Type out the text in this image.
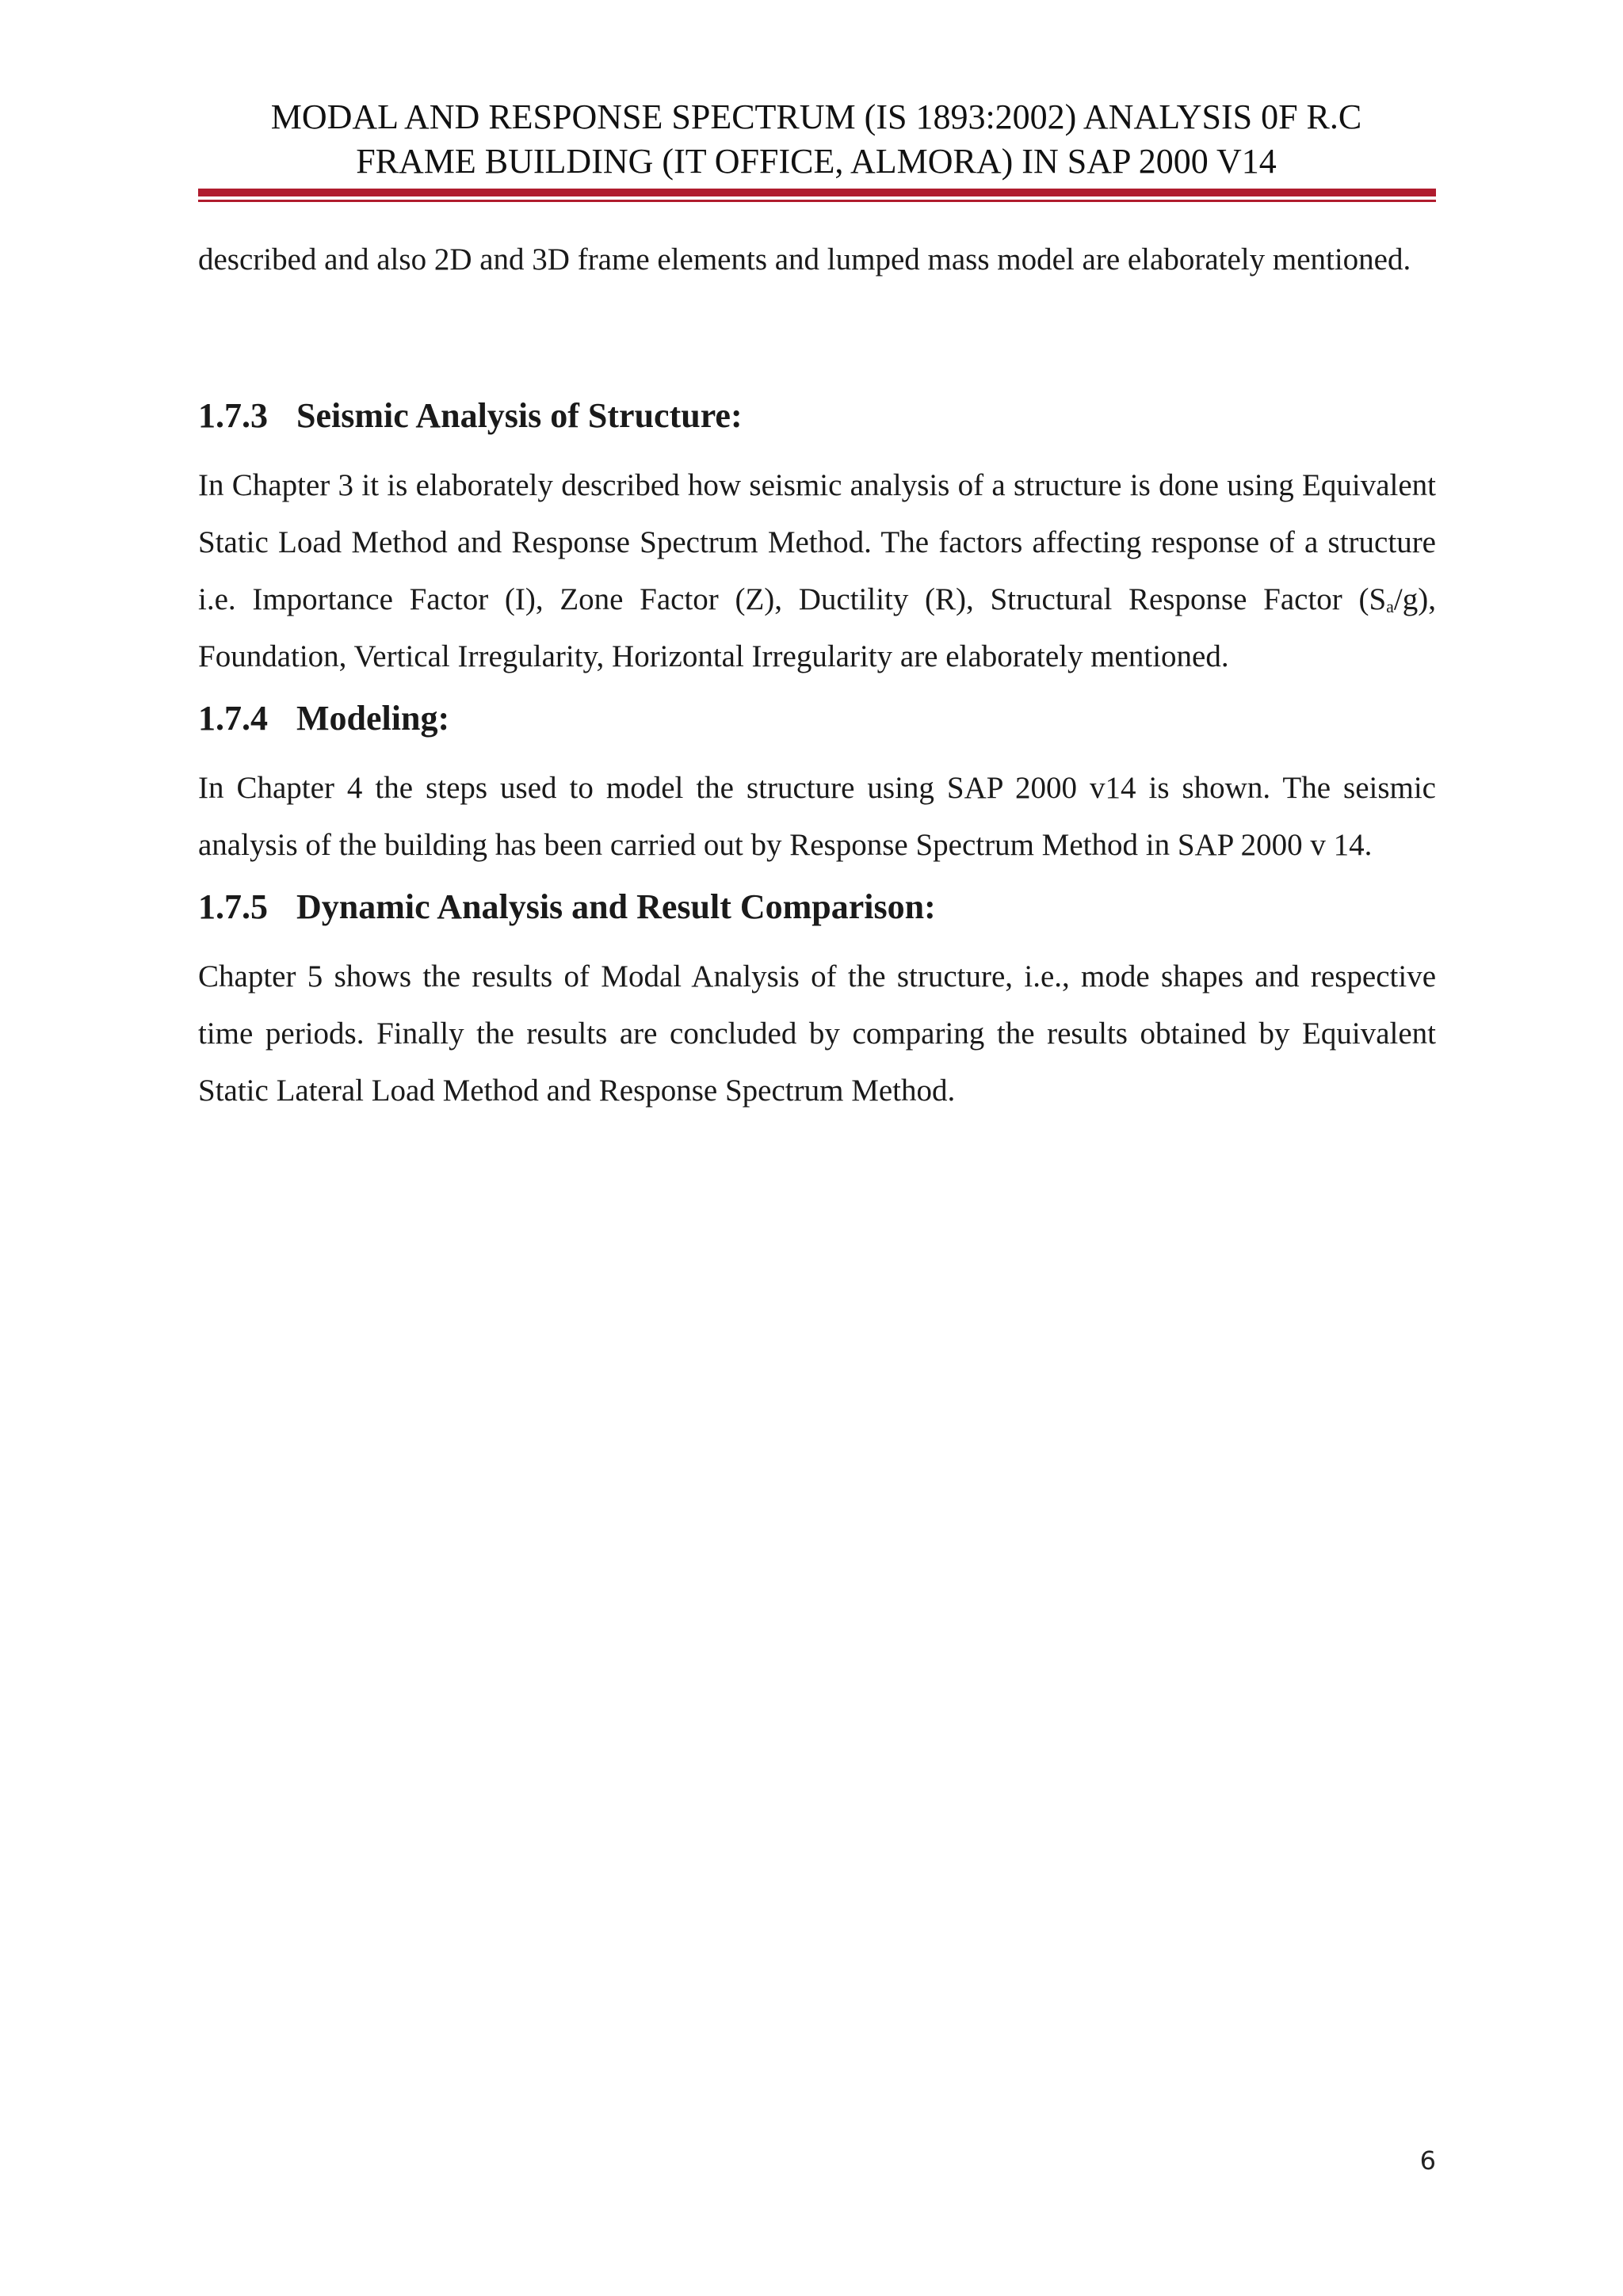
MODAL AND RESPONSE SPECTRUM (IS 1893:2002) ANALYSIS 0F R.C
FRAME BUILDING (IT OFFICE, ALMORA) IN SAP 2000 V14

described and also 2D and 3D frame elements and lumped mass model are elaborately mentioned.

1.7.3 Seismic Analysis of Structure:

In Chapter 3 it is elaborately described how seismic analysis of a structure is done using Equivalent Static Load Method and Response Spectrum Method. The factors affecting response of a structure i.e. Importance Factor (I), Zone Factor (Z), Ductility (R), Structural Response Factor (Sa/g), Foundation, Vertical Irregularity, Horizontal Irregularity are elaborately mentioned.

1.7.4 Modeling:

In Chapter 4 the steps used to model the structure using SAP 2000 v14 is shown. The seismic analysis of the building has been carried out by Response Spectrum Method in SAP 2000 v 14.

1.7.5 Dynamic Analysis and Result Comparison:

Chapter 5 shows the results of Modal Analysis of the structure, i.e., mode shapes and respective time periods. Finally the results are concluded by comparing the results obtained by Equivalent Static Lateral Load Method and Response Spectrum Method.

6
